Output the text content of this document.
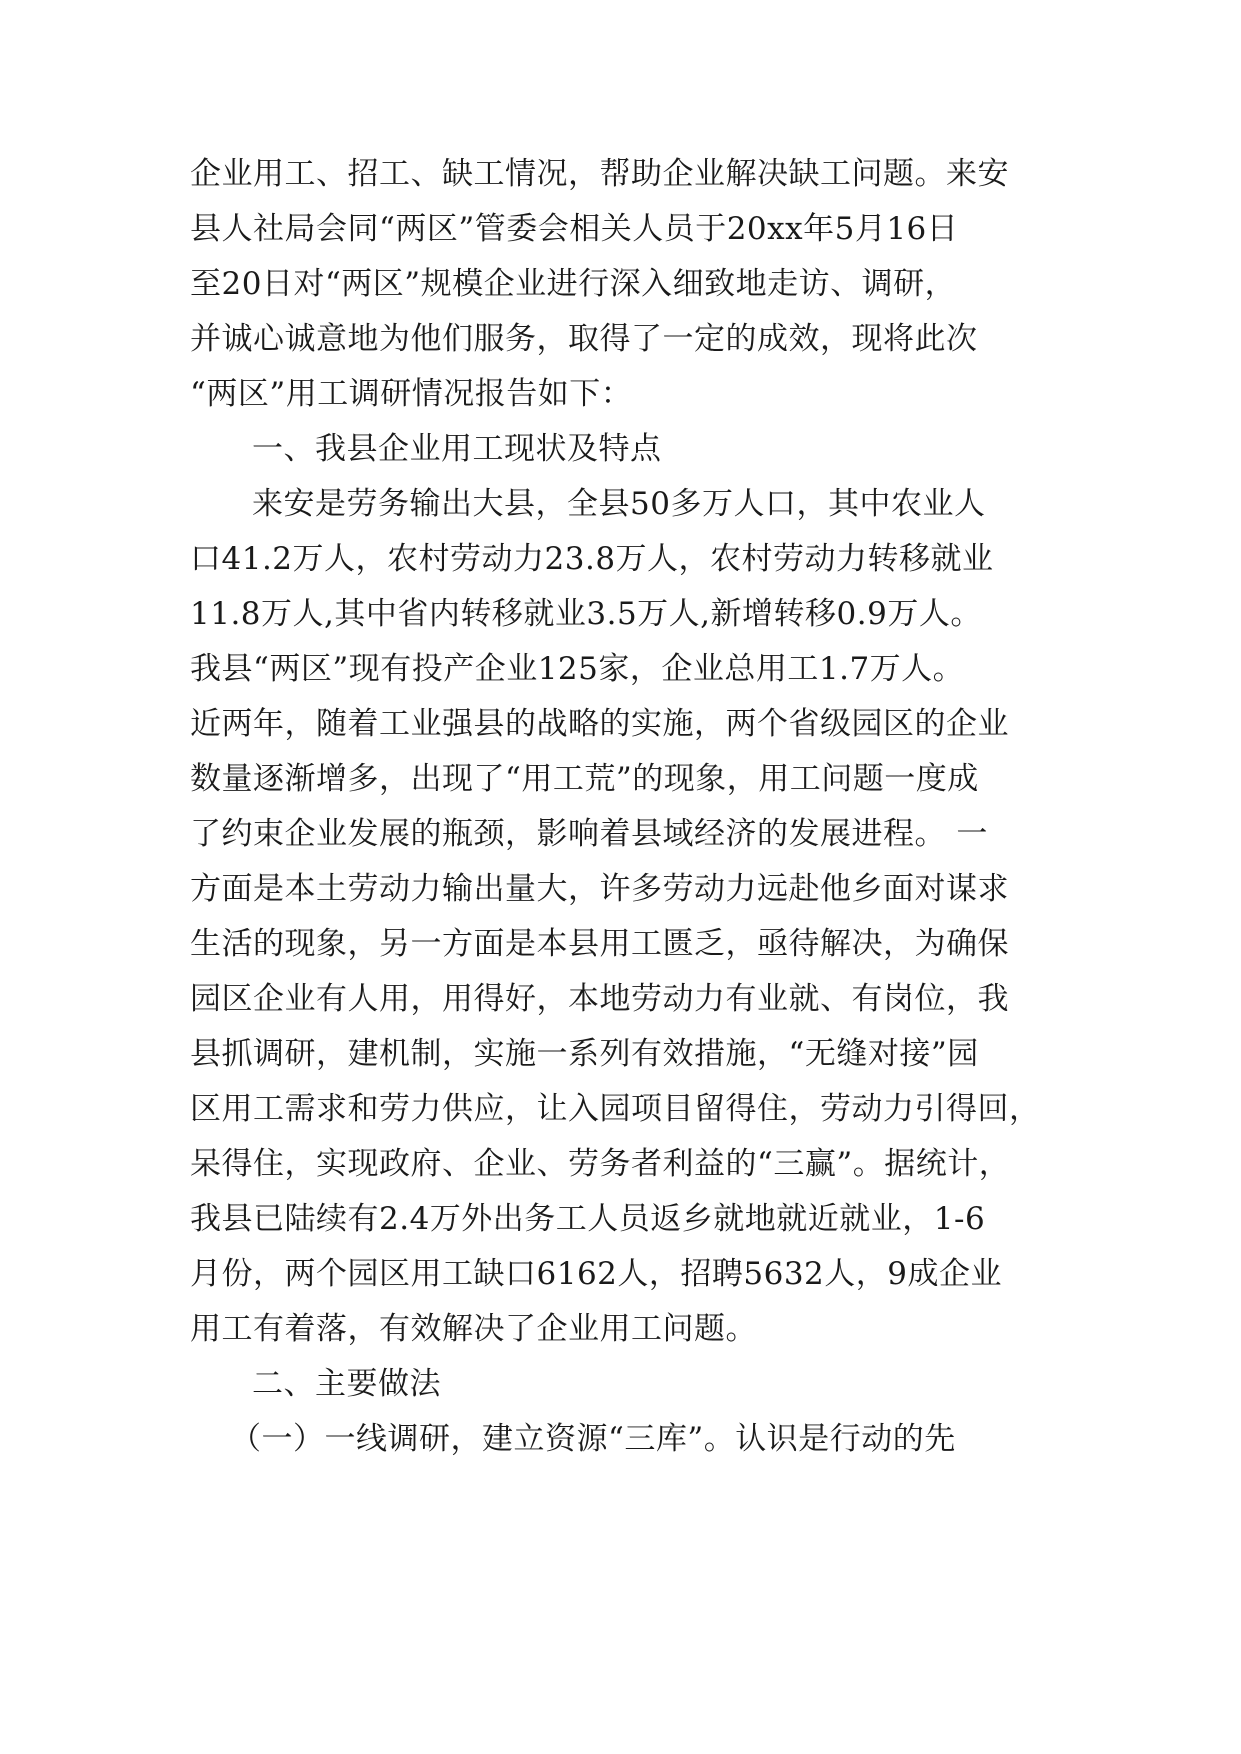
企业用工、招工、缺工情况，帮助企业解决缺工问题。来安
县人社局会同“两区”管委会相关人员于20xx年5月16日
至20日对“两区”规模企业进行深入细致地走访、调研，
并诚心诚意地为他们服务，取得了一定的成效，现将此次
“两区”用工调研情况报告如下：
一、我县企业用工现状及特点
来安是劳务输出大县，全县50多万人口，其中农业人
口41.2万人，农村劳动力23.8万人，农村劳动力转移就业
11.8万人,其中省内转移就业3.5万人,新增转移0.9万人。
我县“两区”现有投产企业125家，企业总用工1.7万人。
近两年，随着工业强县的战略的实施，两个省级园区的企业
数量逐渐增多，出现了“用工荒”的现象，用工问题一度成
了约束企业发展的瓶颈，影响着县域经济的发展进程。 一
方面是本土劳动力输出量大，许多劳动力远赴他乡面对谋求
生活的现象，另一方面是本县用工匮乏，亟待解决，为确保
园区企业有人用，用得好，本地劳动力有业就、有岗位，我
县抓调研，建机制，实施一系列有效措施，“无缝对接”园
区用工需求和劳力供应，让入园项目留得住，劳动力引得回，
呆得住，实现政府、企业、劳务者利益的“三赢”。据统计，
我县已陆续有2.4万外出务工人员返乡就地就近就业，1-6
月份，两个园区用工缺口6162人，招聘5632人，9成企业
用工有着落，有效解决了企业用工问题。
二、主要做法
（一）一线调研，建立资源“三库”。认识是行动的先
